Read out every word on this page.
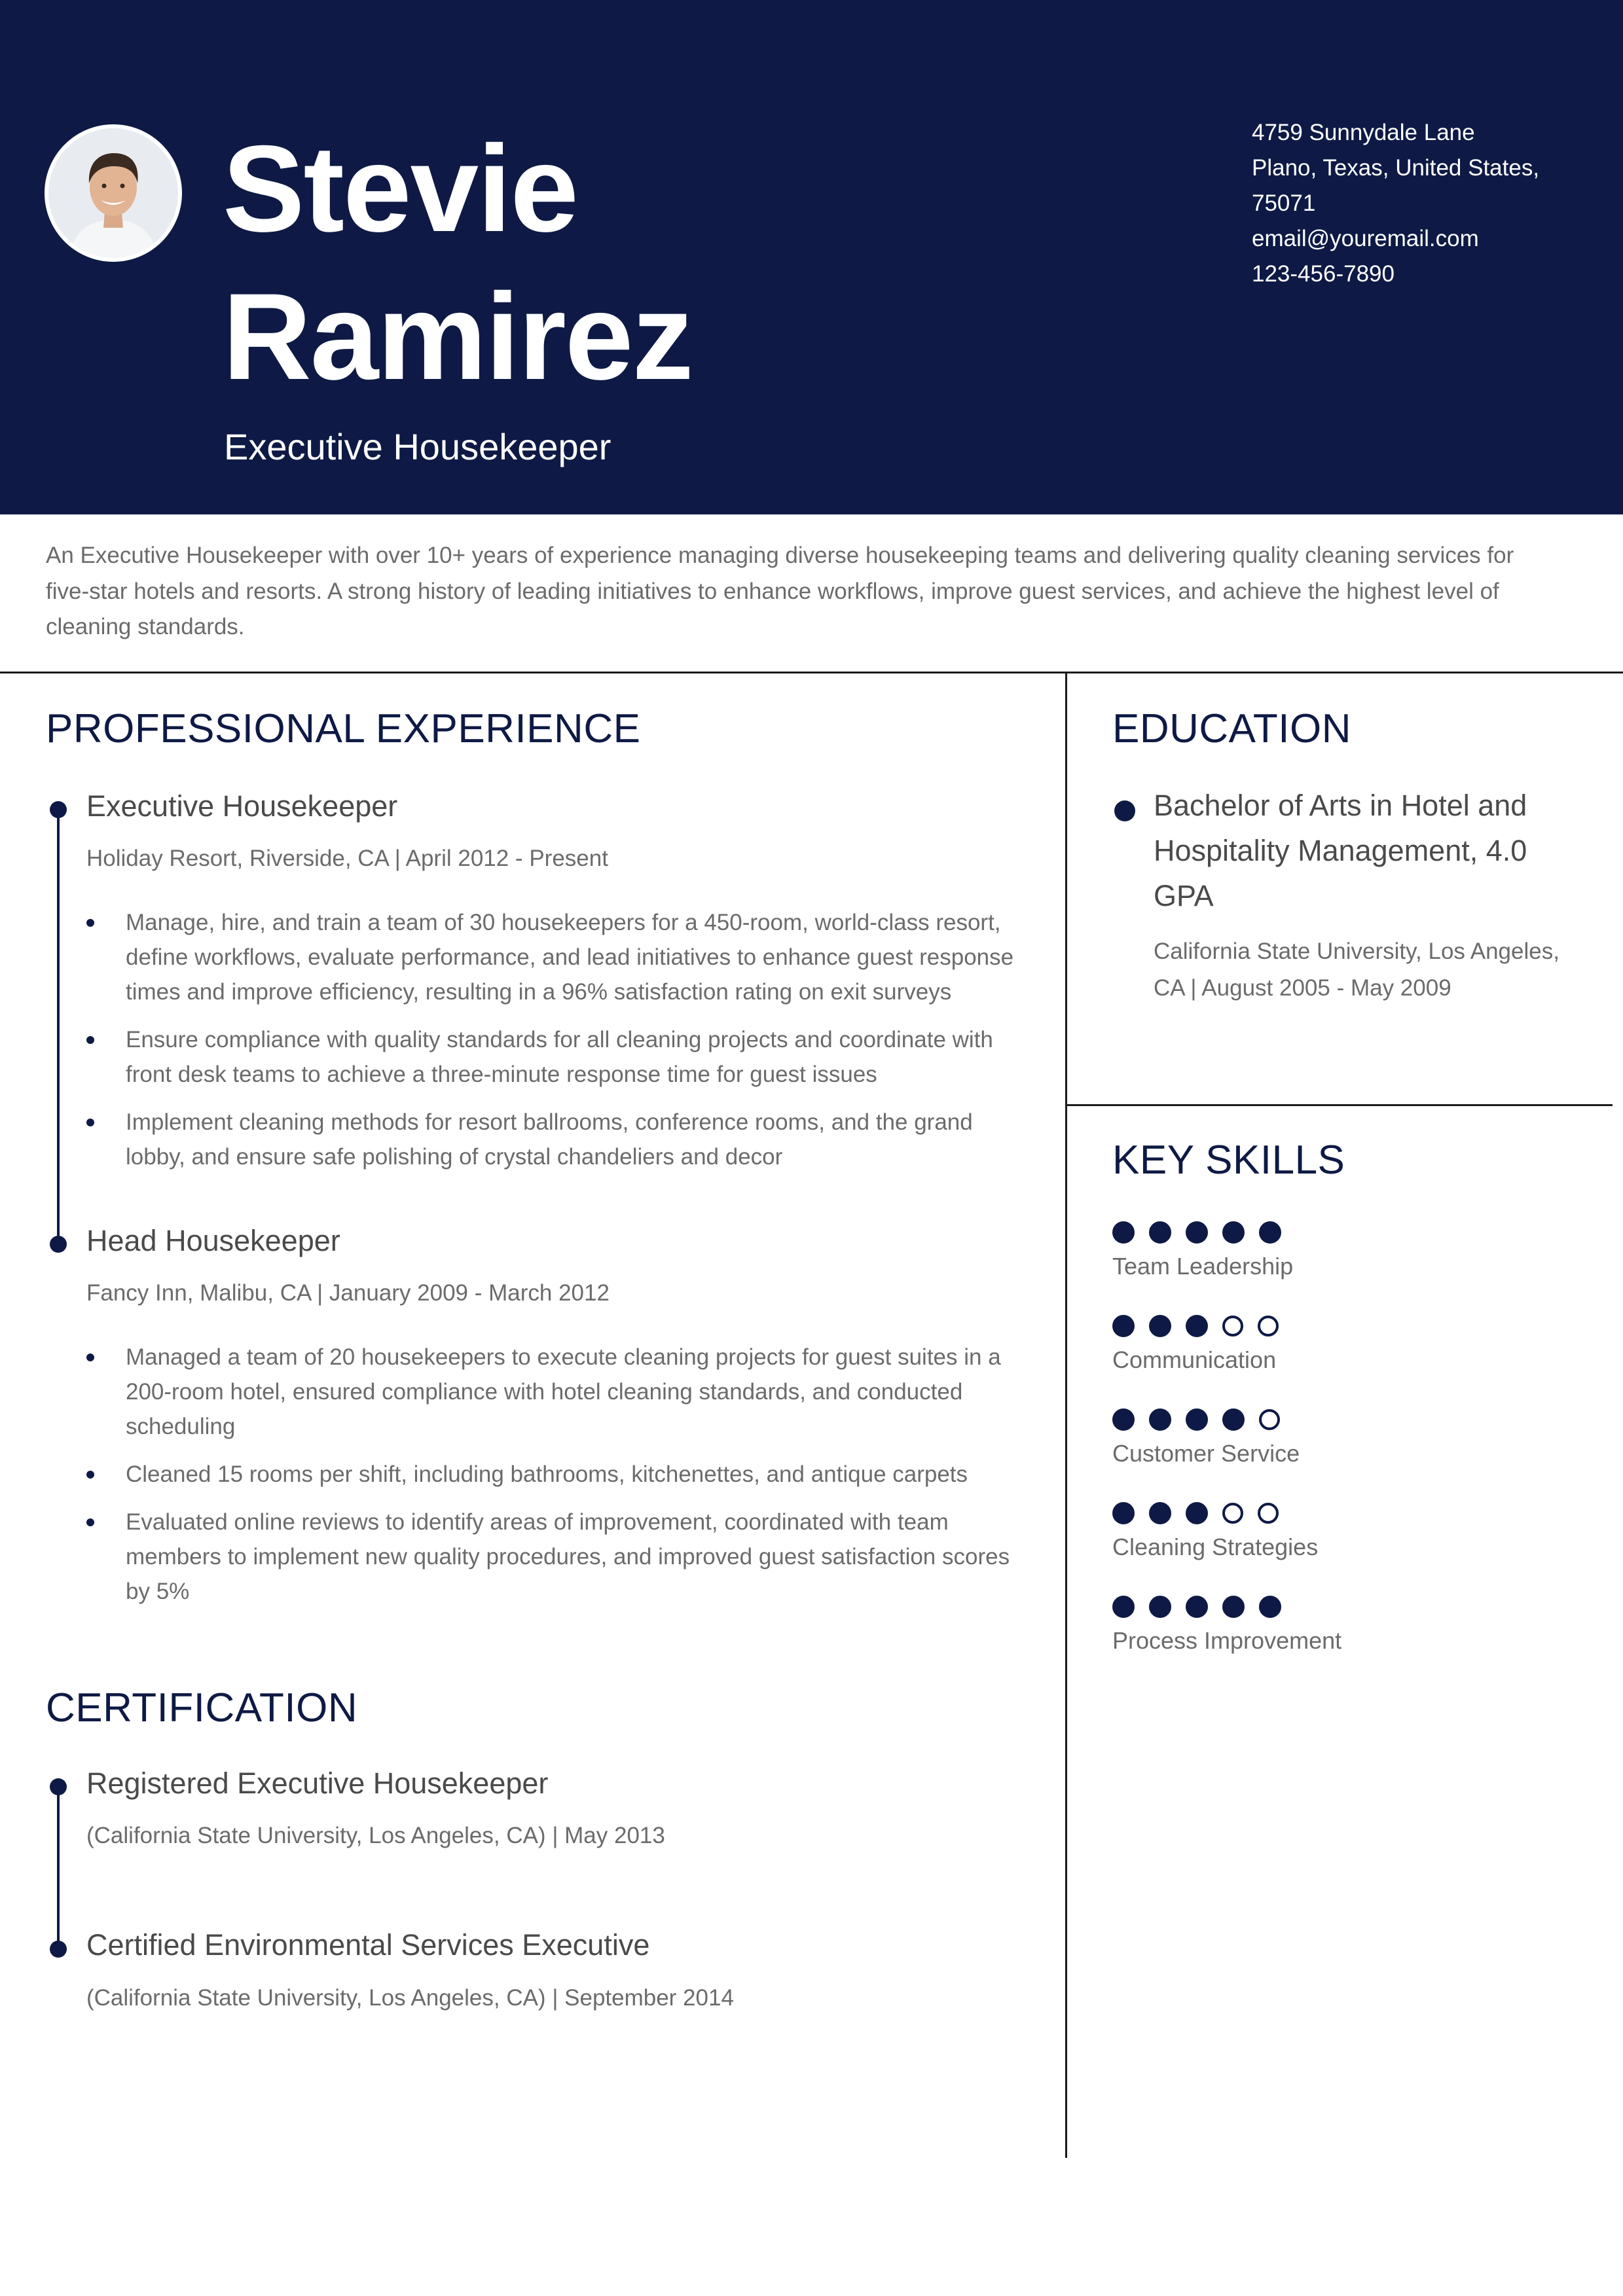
Stevie
Ramirez
Executive Housekeeper
4759 Sunnydale Lane
Plano, Texas, United States,
75071
email@youremail.com
123-456-7890
An Executive Housekeeper with over 10+ years of experience managing diverse housekeeping teams and delivering quality cleaning services for five-star hotels and resorts. A strong history of leading initiatives to enhance workflows, improve guest services, and achieve the highest level of cleaning standards.
PROFESSIONAL EXPERIENCE
Executive Housekeeper
Holiday Resort, Riverside, CA | April 2012 - Present
Manage, hire, and train a team of 30 housekeepers for a 450-room, world-class resort, define workflows, evaluate performance, and lead initiatives to enhance guest response times and improve efficiency, resulting in a 96% satisfaction rating on exit surveys
Ensure compliance with quality standards for all cleaning projects and coordinate with front desk teams to achieve a three-minute response time for guest issues
Implement cleaning methods for resort ballrooms, conference rooms, and the grand lobby, and ensure safe polishing of crystal chandeliers and decor
Head Housekeeper
Fancy Inn, Malibu, CA | January 2009 - March 2012
Managed a team of 20 housekeepers to execute cleaning projects for guest suites in a 200-room hotel, ensured compliance with hotel cleaning standards, and conducted scheduling
Cleaned 15 rooms per shift, including bathrooms, kitchenettes, and antique carpets
Evaluated online reviews to identify areas of improvement, coordinated with team members to implement new quality procedures, and improved guest satisfaction scores by 5%
CERTIFICATION
Registered Executive Housekeeper
(California State University, Los Angeles, CA) | May 2013
Certified Environmental Services Executive
(California State University, Los Angeles, CA) | September 2014
EDUCATION
Bachelor of Arts in Hotel and Hospitality Management, 4.0 GPA
California State University, Los Angeles, CA | August 2005 - May 2009
KEY SKILLS
Team Leadership
Communication
Customer Service
Cleaning Strategies
Process Improvement
